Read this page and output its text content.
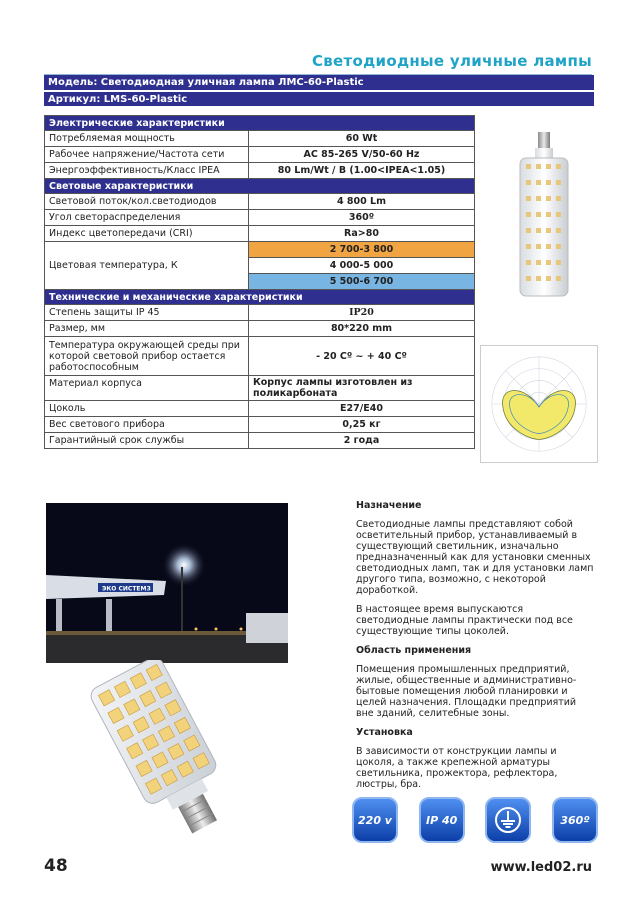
Светодиодные уличные лампы
Модель: Светодиодная уличная лампа ЛМС-60-Plastic
Артикул: LMS-60-Plastic
Электрические характеристики	
Потребляемая мощность	60 Wt
Рабочее напряжение/Частота сети	AC 85-265 V/50-60 Hz
Энергоэффективность/Класс IPEA	80 Lm/Wt / B (1.00<IPEA<1.05)
Световые характеристики	
Световой поток/кол.светодиодов	4 800 Lm
Угол светораспределения	360º
Индекс цветопередачи (CRI)	Ra>80
Цветовая температура, К	2 700-3 800
	4 000-5 000
	5 500-6 700
Технические и механические характеристики	
Степень защиты IP 45	IP20
Размер, мм	80*220 mm
Температура окружающей среды при которой световой прибор остается работоспособным	- 20 Cº ~ + 40 Cº
Материал корпуса	Корпус лампы изготовлен из поликарбоната
Цоколь	E27/E40
Вес светового прибора	0,25 кг
Гарантийный срок службы	2 года
ЭКО СИСТЕМЗ
Назначение

Светодиодные лампы представляют собой осветительный прибор, устанавливаемый в существующий светильник, изначально предназначенный как для установки сменных светодиодных ламп, так и для установки ламп другого типа, возможно, с некоторой доработкой.

В настоящее время выпускаются светодиодные лампы практически под все существующие типы цоколей.

Область применения

Помещения промышленных предприятий, жилые, общественные и административно-бытовые помещения любой планировки и целей назначения. Площадки предприятий вне зданий, селитебные зоны.

Установка

В зависимости от конструкции лампы и цоколя, а также крепежной арматуры светильника, прожектора, рефлектора, люстры, бра.

220 v	IP 40	360º
48	www.led02.ru
